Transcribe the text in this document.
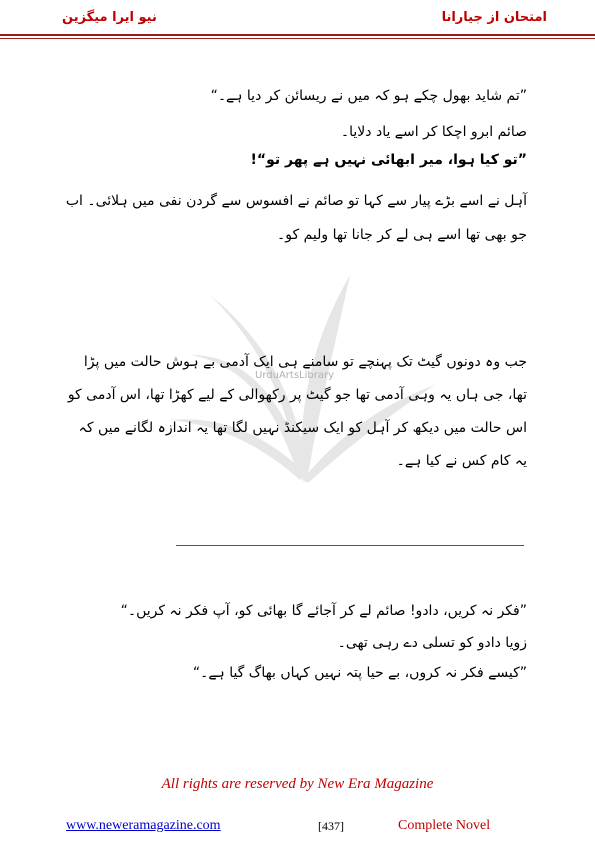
نیو ایرا میگزین	امتحان از جیارانا
UrduArtsLibrary
”تم شاید بھول چکے ہو کہ میں نے ریسائن کر دیا ہے۔“
صائم ابرو اچکا کر اسے یاد دلایا۔
”تو کیا ہوا، میر ابھائی نہیں ہے پھر تو“!
آہل نے اسے بڑے پیار سے کہا تو صائم نے افسوس سے گردن نفی میں ہلائی۔ اب جو بھی تھا اسے ہی لے کر جانا تھا ولیم کو۔
جب وہ دونوں گیٹ تک پہنچے تو سامنے ہی ایک آدمی بے ہوش حالت میں پڑا تھا، جی ہاں یہ وہی آدمی تھا جو گیٹ پر رکھوالی کے لیے کھڑا تھا، اس آدمی کو اس حالت میں دیکھ کر آہل کو ایک سیکنڈ نہیں لگا تھا یہ اندازہ لگانے میں کہ یہ کام کس نے کیا ہے۔
”فکر نہ کریں، دادو! صائم لے کر آجائے گا بھائی کو، آپ فکر نہ کریں۔“
زویا دادو کو تسلی دے رہی تھی۔
”کیسے فکر نہ کروں، بے حیا پتہ نہیں کہاں بھاگ گیا ہے۔“
All rights are reserved by New Era Magazine
www.neweramagazine.com	[437]	Complete Novel
